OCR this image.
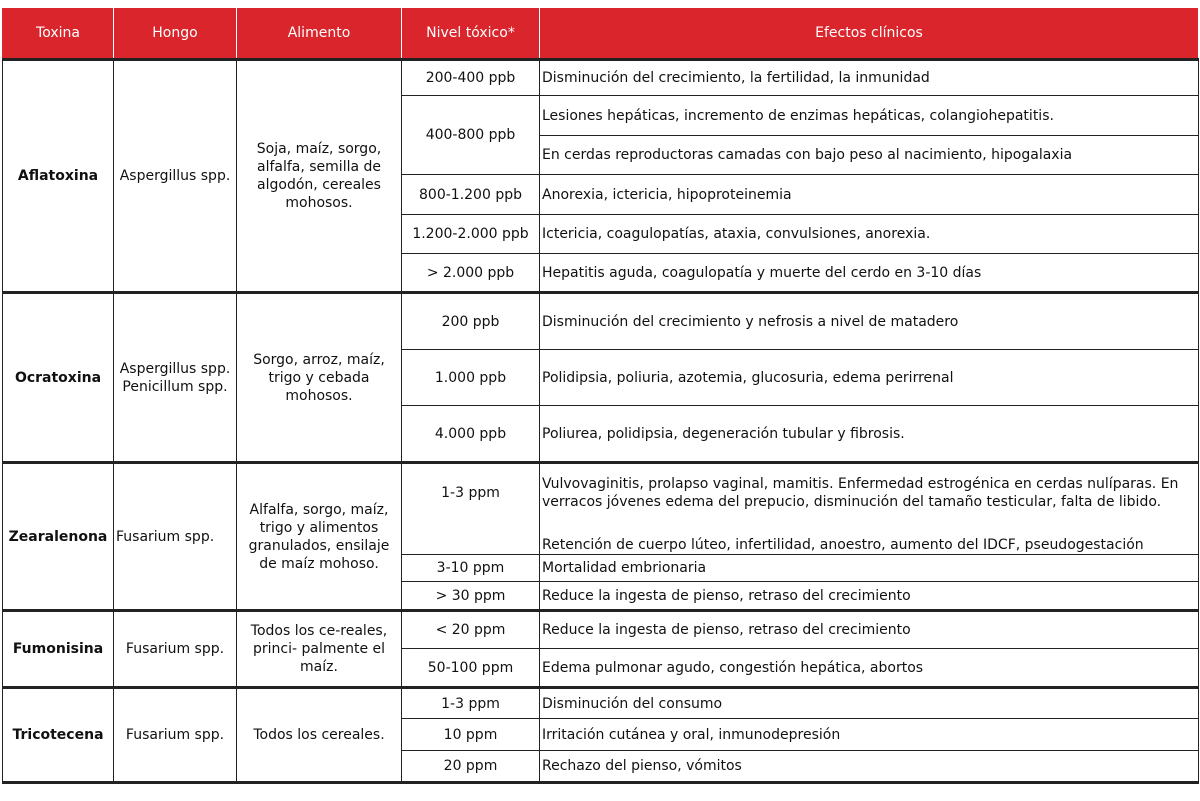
Toxina	Hongo	Alimento	Nivel tóxico*	Efectos clínicos
Aflatoxina	Aspergillus spp.	Soja, maíz, sorgo, alfalfa, semilla de algodón, cereales mohosos.	200-400 ppb	Disminución del crecimiento, la fertilidad, la inmunidad
			400-800 ppb	Lesiones hepáticas, incremento de enzimas hepáticas, colangiohepatitis.
				En cerdas reproductoras camadas con bajo peso al nacimiento, hipogalaxia
			800-1.200 ppb	Anorexia, ictericia, hipoproteinemia
			1.200-2.000 ppb	Ictericia, coagulopatías, ataxia, convulsiones, anorexia.
			> 2.000 ppb	Hepatitis aguda, coagulopatía y muerte del cerdo en 3-10 días
Ocratoxina	Aspergillus spp. Penicillum spp.	Sorgo, arroz, maíz, trigo y cebada mohosos.	200 ppb	Disminución del crecimiento y nefrosis a nivel de matadero
			1.000 ppb	Polidipsia, poliuria, azotemia, glucosuria, edema perirrenal
			4.000 ppb	Poliurea, polidipsia, degeneración tubular y fibrosis.
Zearalenona	Fusarium spp.	Alfalfa, sorgo, maíz, trigo y alimentos granulados, ensilaje de maíz mohoso.	1-3 ppm	Vulvovaginitis, prolapso vaginal, mamitis. Enfermedad estrogénica en cerdas nulíparas. En verracos jóvenes edema del prepucio, disminución del tamaño testicular, falta de libido.
				Retención de cuerpo lúteo, infertilidad, anoestro, aumento del IDCF, pseudogestación
			3-10 ppm	Mortalidad embrionaria
			> 30 ppm	Reduce la ingesta de pienso, retraso del crecimiento
Fumonisina	Fusarium spp.	Todos los ce-reales, princi- palmente el maíz.	< 20 ppm	Reduce la ingesta de pienso, retraso del crecimiento
			50-100 ppm	Edema pulmonar agudo, congestión hepática, abortos
Tricotecena	Fusarium spp.	Todos los cereales.	1-3 ppm	Disminución del consumo
			10 ppm	Irritación cutánea y oral, inmunodepresión
			20 ppm	Rechazo del pienso, vómitos
